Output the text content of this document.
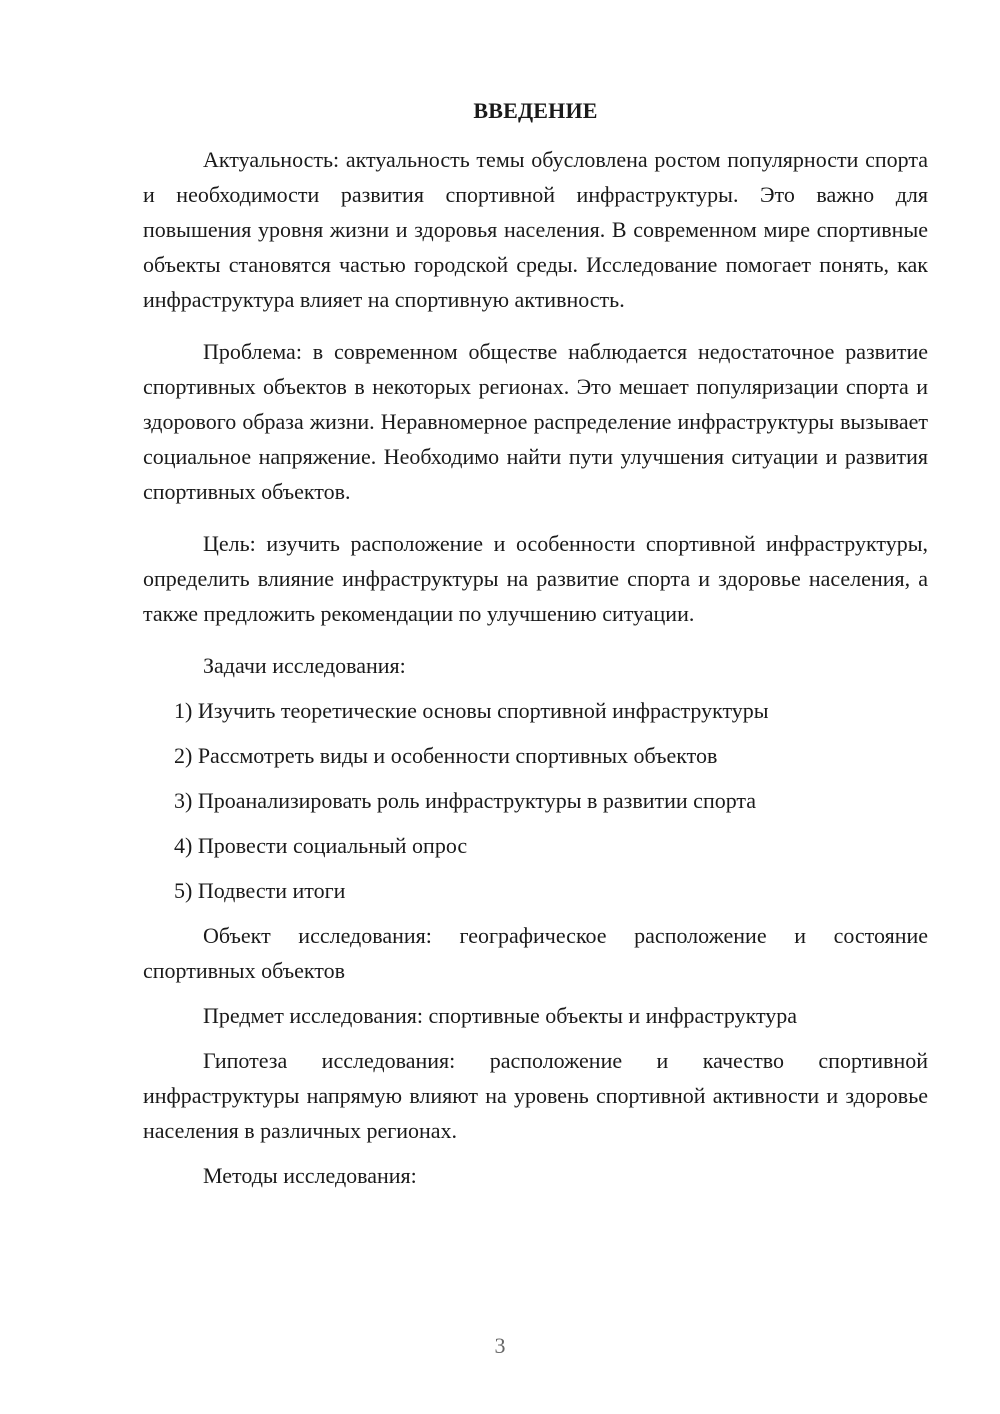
ВВЕДЕНИЕ

Актуальность: актуальность темы обусловлена ростом популярности спорта и необходимости развития спортивной инфраструктуры. Это важно для повышения уровня жизни и здоровья населения. В современном мире спортивные объекты становятся частью городской среды. Исследование помогает понять, как инфраструктура влияет на спортивную активность.

Проблема: в современном обществе наблюдается недостаточное развитие спортивных объектов в некоторых регионах. Это мешает популяризации спорта и здорового образа жизни. Неравномерное распределение инфраструктуры вызывает социальное напряжение. Необходимо найти пути улучшения ситуации и развития спортивных объектов.

Цель: изучить расположение и особенности спортивной инфраструктуры, определить влияние инфраструктуры на развитие спорта и здоровье населения, а также предложить рекомендации по улучшению ситуации.

Задачи исследования:
1) Изучить теоретические основы спортивной инфраструктуры
2) Рассмотреть виды и особенности спортивных объектов
3) Проанализировать роль инфраструктуры в развитии спорта
4) Провести социальный опрос
5) Подвести итоги

Объект исследования: географическое расположение и состояние спортивных объектов

Предмет исследования: спортивные объекты и инфраструктура

Гипотеза исследования: расположение и качество спортивной инфраструктуры напрямую влияют на уровень спортивной активности и здоровье населения в различных регионах.

Методы исследования:

3
